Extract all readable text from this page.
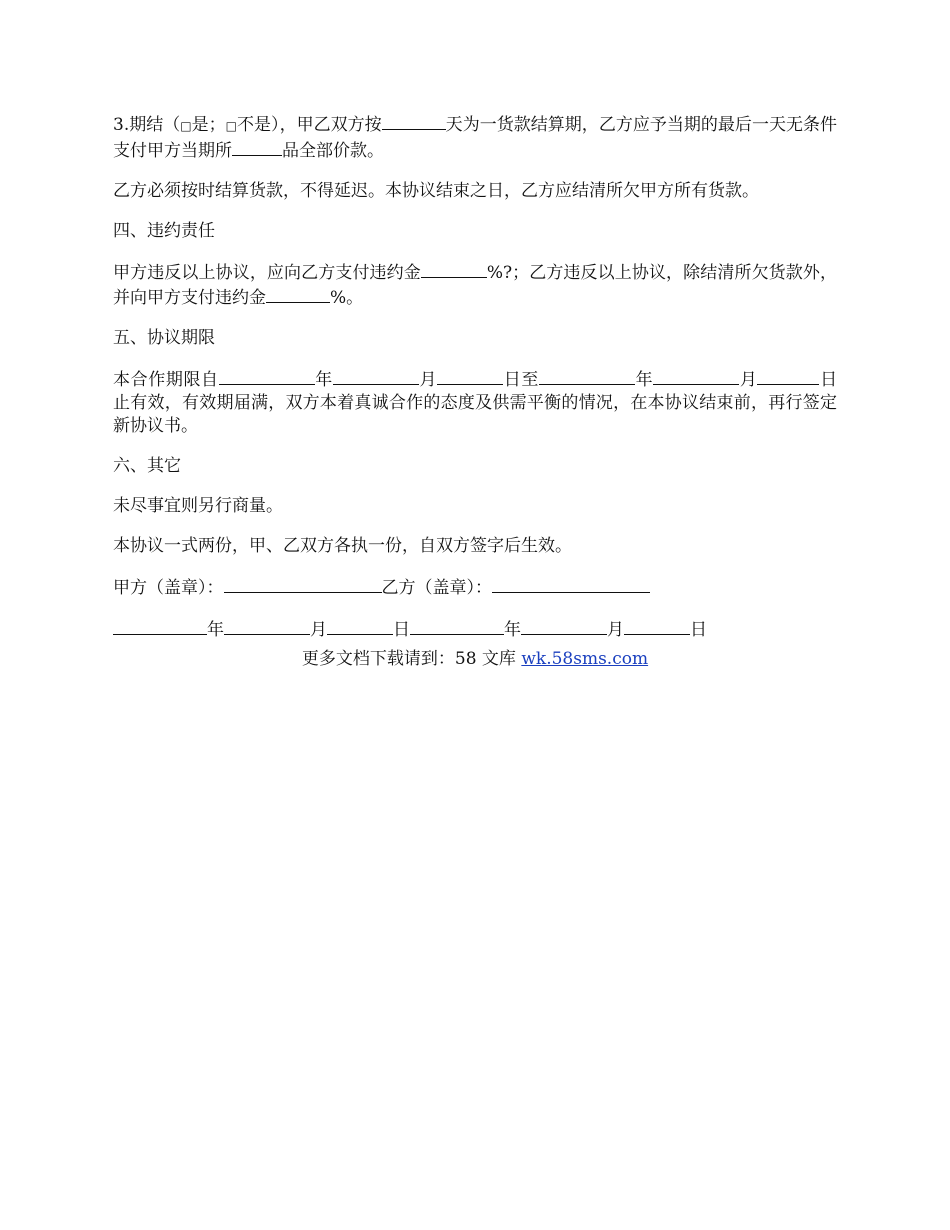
3.期结（□是；□不是），甲乙双方按	天为一货款结算期，乙方应予当期的最后一天无条件支付甲方当期所	品全部价款。

乙方必须按时结算货款，不得延迟。本协议结束之日，乙方应结清所欠甲方所有货款。

四、违约责任

甲方违反以上协议，应向乙方支付违约金	%?；乙方违反以上协议，除结清所欠货款外，并向甲方支付违约金	%。

五、协议期限

本合作期限自	年	月	日至	年	月	日止有效，有效期届满，双方本着真诚合作的态度及供需平衡的情况，在本协议结束前，再行签定新协议书。

六、其它

未尽事宜则另行商量。

本协议一式两份，甲、乙双方各执一份，自双方签字后生效。

甲方（盖章）：	乙方（盖章）：

年	月	日	年	月	日

更多文档下载请到：58 文库 wk.58sms.com
